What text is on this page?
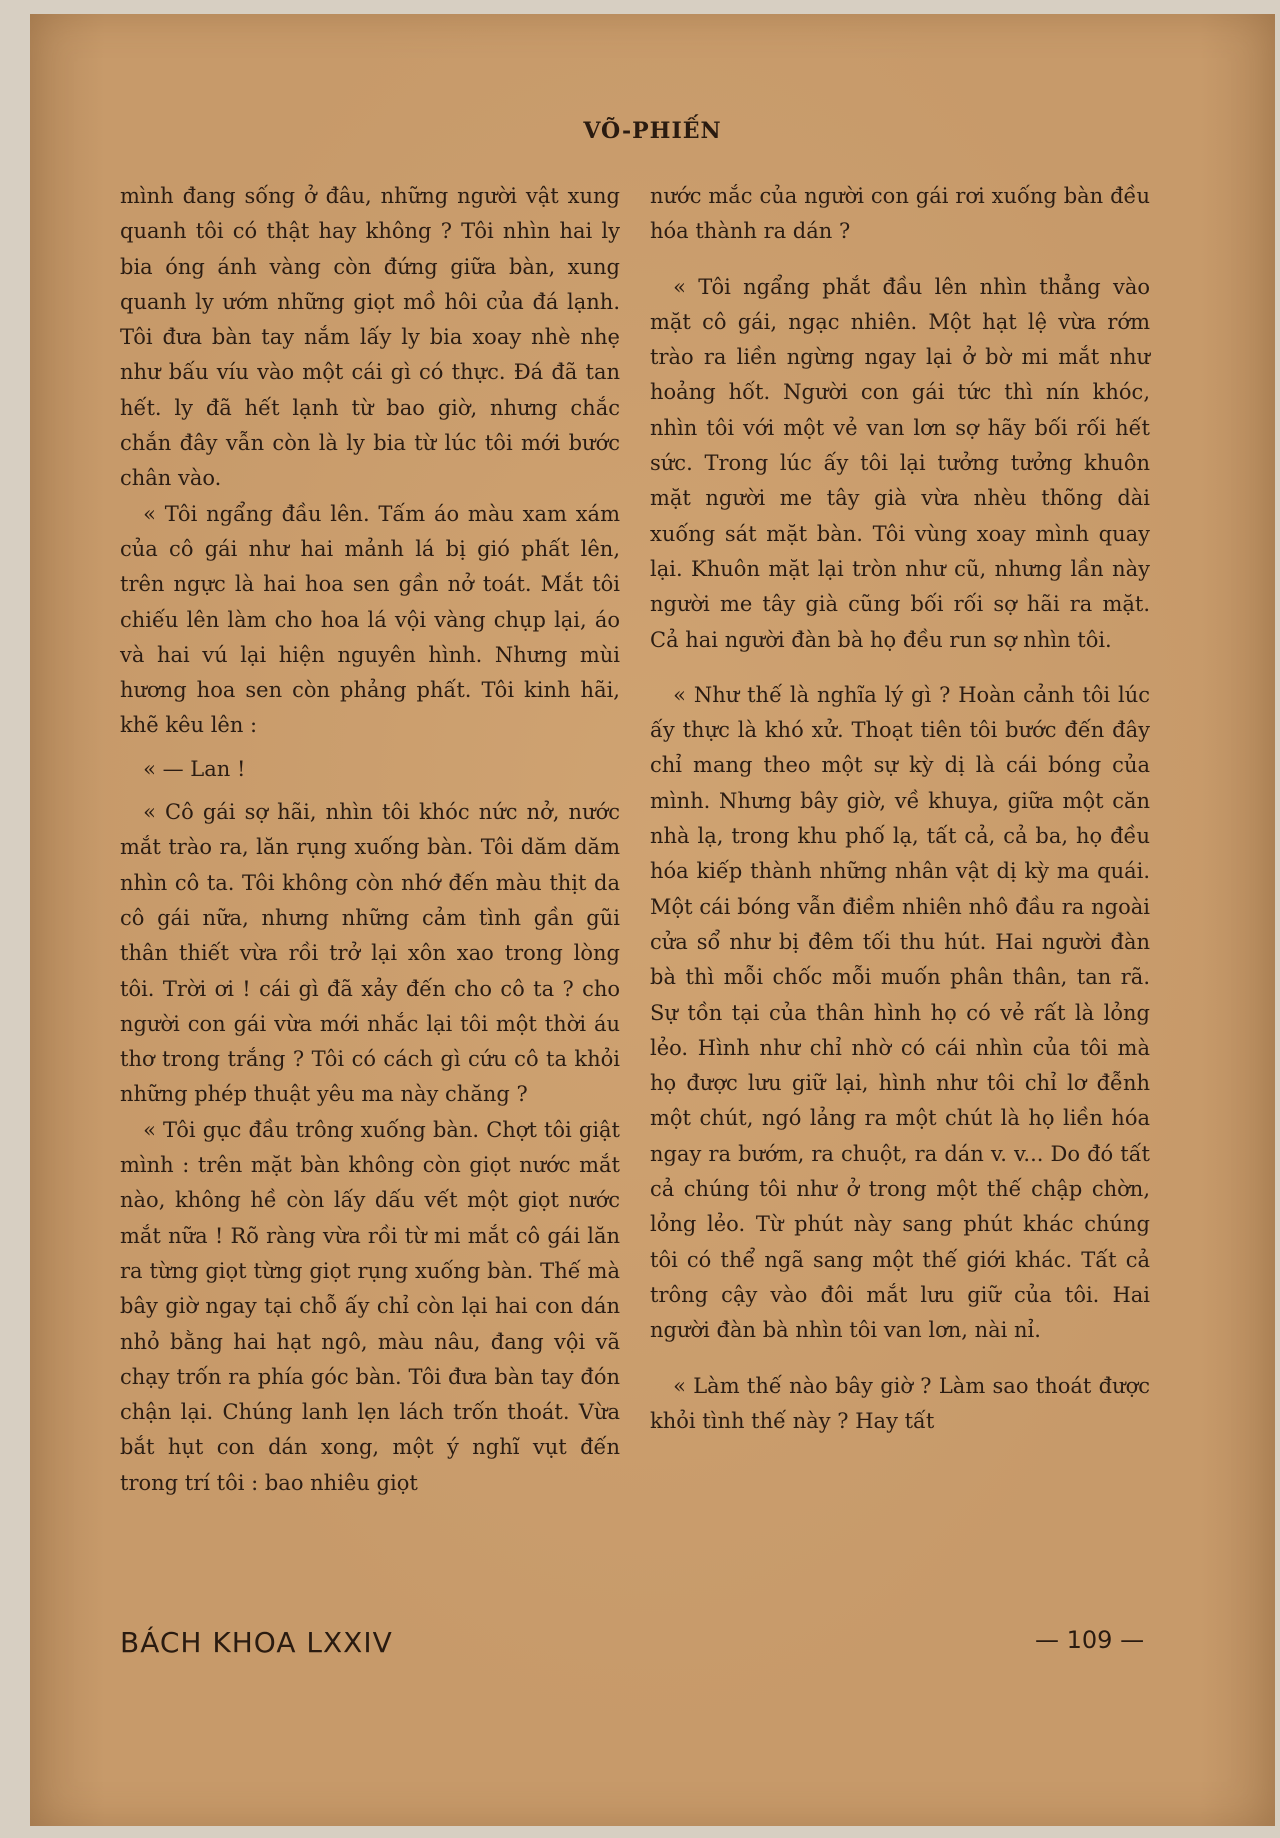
VÕ-PHIẾN

mình đang sống ở đâu, những người vật xung quanh tôi có thật hay không ? Tôi nhìn hai ly bia óng ánh vàng còn đứng giữa bàn, xung quanh ly ướm những giọt mồ hôi của đá lạnh. Tôi đưa bàn tay nắm lấy ly bia xoay nhè nhẹ như bấu víu vào một cái gì có thực. Đá đã tan hết. ly đã hết lạnh từ bao giờ, nhưng chắc chắn đây vẫn còn là ly bia từ lúc tôi mới bước chân vào.

« Tôi ngẩng đầu lên. Tấm áo màu xam xám của cô gái như hai mảnh lá bị gió phất lên, trên ngực là hai hoa sen gần nở toát. Mắt tôi chiếu lên làm cho hoa lá vội vàng chụp lại, áo và hai vú lại hiện nguyên hình. Nhưng mùi hương hoa sen còn phảng phất. Tôi kinh hãi, khẽ kêu lên :

« — Lan !

« Cô gái sợ hãi, nhìn tôi khóc nức nở, nước mắt trào ra, lăn rụng xuống bàn. Tôi dăm dăm nhìn cô ta. Tôi không còn nhớ đến màu thịt da cô gái nữa, nhưng những cảm tình gần gũi thân thiết vừa rồi trở lại xôn xao trong lòng tôi. Trời ơi ! cái gì đã xảy đến cho cô ta ? cho người con gái vừa mới nhắc lại tôi một thời áu thơ trong trắng ? Tôi có cách gì cứu cô ta khỏi những phép thuật yêu ma này chăng ?

« Tôi gục đầu trông xuống bàn. Chợt tôi giật mình : trên mặt bàn không còn giọt nước mắt nào, không hề còn lấy dấu vết một giọt nước mắt nữa ! Rõ ràng vừa rồi từ mi mắt cô gái lăn ra từng giọt từng giọt rụng xuống bàn. Thế mà bây giờ ngay tại chỗ ấy chỉ còn lại hai con dán nhỏ bằng hai hạt ngô, màu nâu, đang vội vã chạy trốn ra phía góc bàn. Tôi đưa bàn tay đón chận lại. Chúng lanh lẹn lách trốn thoát. Vừa bắt hụt con dán xong, một ý nghĩ vụt đến trong trí tôi : bao nhiêu giọt

nước mắc của người con gái rơi xuống bàn đều hóa thành ra dán ?

« Tôi ngẩng phắt đầu lên nhìn thẳng vào mặt cô gái, ngạc nhiên. Một hạt lệ vừa rớm trào ra liền ngừng ngay lại ở bờ mi mắt như hoảng hốt. Người con gái tức thì nín khóc, nhìn tôi với một vẻ van lơn sợ hãy bối rối hết sức. Trong lúc ấy tôi lại tưởng tưởng khuôn mặt người me tây già vừa nhèu thõng dài xuống sát mặt bàn. Tôi vùng xoay mình quay lại. Khuôn mặt lại tròn như cũ, nhưng lần này người me tây già cũng bối rối sợ hãi ra mặt. Cả hai người đàn bà họ đều run sợ nhìn tôi.

« Như thế là nghĩa lý gì ? Hoàn cảnh tôi lúc ấy thực là khó xử. Thoạt tiên tôi bước đến đây chỉ mang theo một sự kỳ dị là cái bóng của mình. Nhưng bây giờ, về khuya, giữa một căn nhà lạ, trong khu phố lạ, tất cả, cả ba, họ đều hóa kiếp thành những nhân vật dị kỳ ma quái. Một cái bóng vẫn điềm nhiên nhô đầu ra ngoài cửa sổ như bị đêm tối thu hút. Hai người đàn bà thì mỗi chốc mỗi muốn phân thân, tan rã. Sự tồn tại của thân hình họ có vẻ rất là lỏng lẻo. Hình như chỉ nhờ có cái nhìn của tôi mà họ được lưu giữ lại, hình như tôi chỉ lơ đễnh một chút, ngó lảng ra một chút là họ liền hóa ngay ra bướm, ra chuột, ra dán v. v... Do đó tất cả chúng tôi như ở trong một thế chập chờn, lỏng lẻo. Từ phút này sang phút khác chúng tôi có thể ngã sang một thế giới khác. Tất cả trông cậy vào đôi mắt lưu giữ của tôi. Hai người đàn bà nhìn tôi van lơn, nài nỉ.

« Làm thế nào bây giờ ? Làm sao thoát được khỏi tình thế này ? Hay tất

BÁCH KHOA LXXIV	— 109 —
